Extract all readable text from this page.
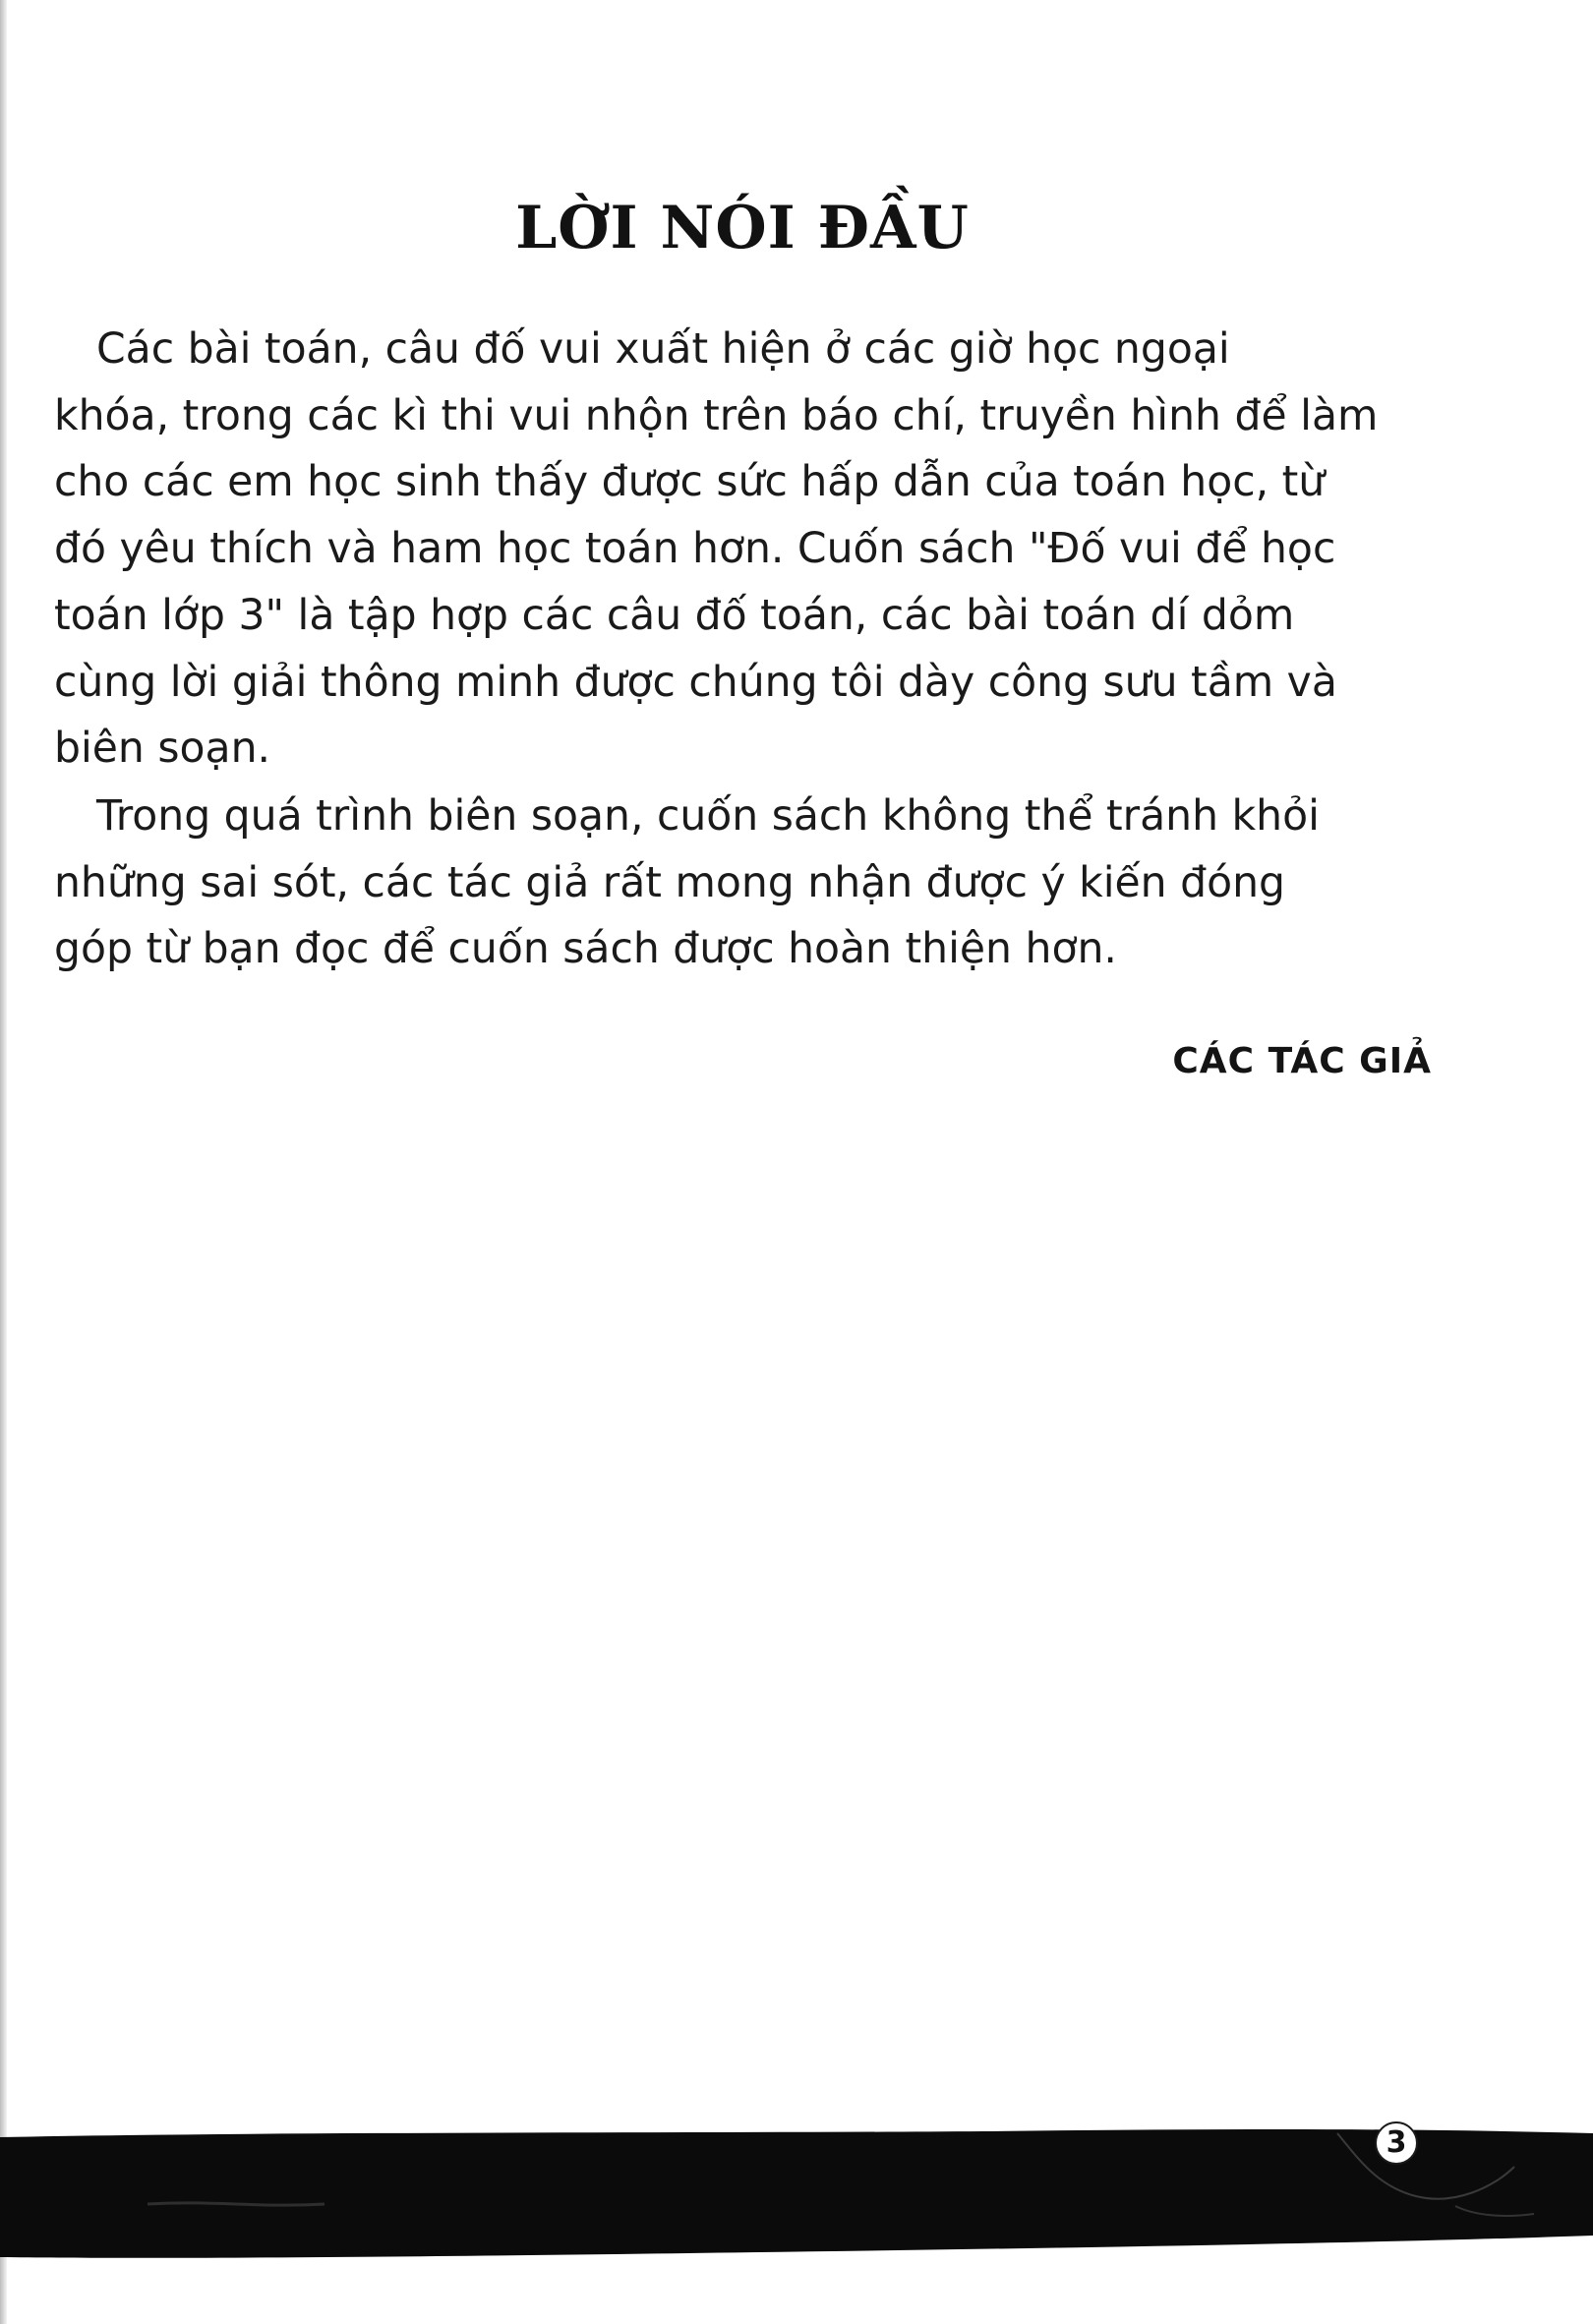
LỜI NÓI ĐẦU

Các bài toán, câu đố vui xuất hiện ở các giờ học ngoại
khóa, trong các kì thi vui nhộn trên báo chí, truyền hình để làm
cho các em học sinh thấy được sức hấp dẫn của toán học, từ
đó yêu thích và ham học toán hơn. Cuốn sách "Đố vui để học
toán lớp 3" là tập hợp các câu đố toán, các bài toán dí dỏm
cùng lời giải thông minh được chúng tôi dày công sưu tầm và
biên soạn.

Trong quá trình biên soạn, cuốn sách không thể tránh khỏi
những sai sót, các tác giả rất mong nhận được ý kiến đóng
góp từ bạn đọc để cuốn sách được hoàn thiện hơn.

CÁC TÁC GIẢ
3
